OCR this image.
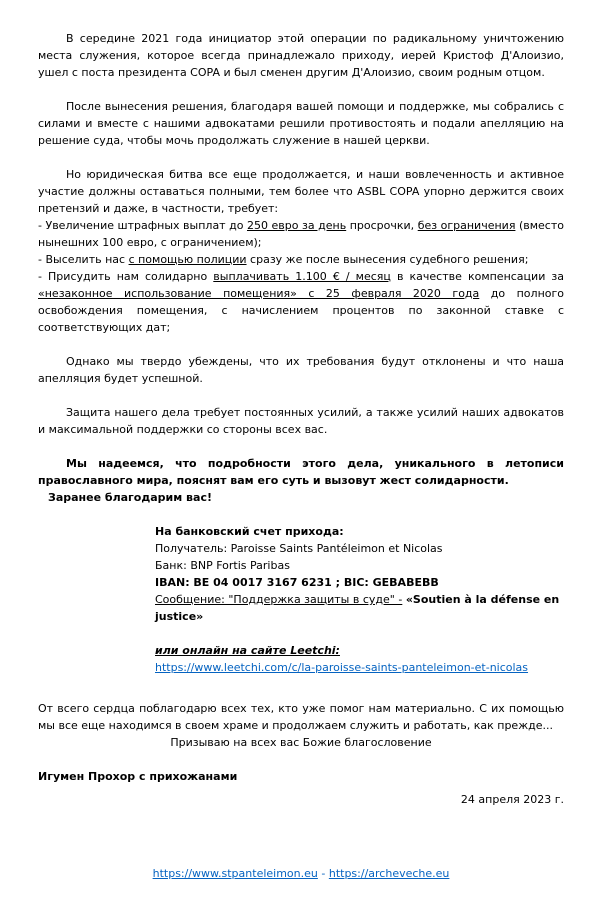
В середине 2021 года инициатор этой операции по радикальному уничтожению места служения, которое всегда принадлежало приходу, иерей Кристоф Д'Алоизио, ушел с поста президента COPA и был сменен другим Д'Алоизио, своим родным отцом.

После вынесения решения, благодаря вашей помощи и поддержке, мы собрались с силами и вместе с нашими адвокатами решили противостоять и подали апелляцию на решение суда, чтобы мочь продолжать служение в нашей церкви.

Но юридическая битва все еще продолжается, и наши вовлеченность и активное участие должны оставаться полными, тем более что ASBL COPA упорно держится своих претензий и даже, в частности, требует:

- Увеличение штрафных выплат до 250 евро за день просрочки, без ограничения (вместо нынешних 100 евро, с ограничением);

- Выселить нас с помощью полиции сразу же после вынесения судебного решения;

- Присудить нам солидарно выплачивать 1.100 € / месяц в качестве компенсации за «незаконное использование помещения» с 25 февраля 2020 года до полного освобождения помещения, с начислением процентов по законной ставке с соответствующих дат;

Однако мы твердо убеждены, что их требования будут отклонены и что наша апелляция будет успешной.

Защита нашего дела требует постоянных усилий, а также усилий наших адвокатов и максимальной поддержки со стороны всех вас.

Мы надеемся, что подробности этого дела, уникального в летописи православного мира, пояснят вам его суть и вызовут жест солидарности.

Заранее благодарим вас!

На банковский счет прихода:

Получатель: Paroisse Saints Pantéleimon et Nicolas

Банк: BNP Fortis Paribas

IBAN: BE 04 0017 3167 6231 ; BIC: GEBABEBB

Сообщение: "Поддержка защиты в суде" - «Soutien à la défense en justice»

или онлайн на сайте Leetchi:

https://www.leetchi.com/c/la-paroisse-saints-panteleimon-et-nicolas

От всего сердца поблагодарю всех тех, кто уже помог нам материально. С их помощью мы все еще находимся в своем храме и продолжаем служить и работать, как прежде...

Призываю на всех вас Божие благословение

Игумен Прохор с прихожанами

24 апреля 2023 г.

https://www.stpanteleimon.eu - https://archeveche.eu
